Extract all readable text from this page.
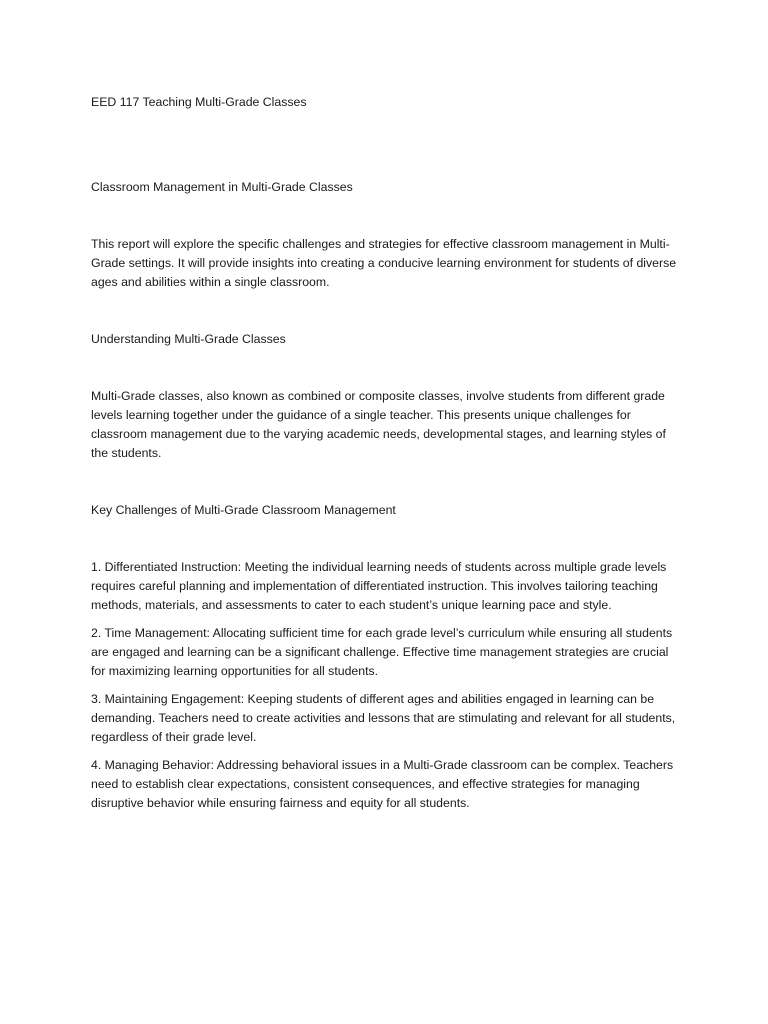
EED 117 Teaching Multi-Grade Classes

Classroom Management in Multi-Grade Classes

This report will explore the specific challenges and strategies for effective classroom management in Multi-Grade settings. It will provide insights into creating a conducive learning environment for students of diverse ages and abilities within a single classroom.

Understanding Multi-Grade Classes

Multi-Grade classes, also known as combined or composite classes, involve students from different grade levels learning together under the guidance of a single teacher. This presents unique challenges for classroom management due to the varying academic needs, developmental stages, and learning styles of the students.

Key Challenges of Multi-Grade Classroom Management

1. Differentiated Instruction: Meeting the individual learning needs of students across multiple grade levels requires careful planning and implementation of differentiated instruction. This involves tailoring teaching methods, materials, and assessments to cater to each student’s unique learning pace and style.

2. Time Management: Allocating sufficient time for each grade level’s curriculum while ensuring all students are engaged and learning can be a significant challenge. Effective time management strategies are crucial for maximizing learning opportunities for all students.

3. Maintaining Engagement: Keeping students of different ages and abilities engaged in learning can be demanding. Teachers need to create activities and lessons that are stimulating and relevant for all students, regardless of their grade level.

4. Managing Behavior: Addressing behavioral issues in a Multi-Grade classroom can be complex. Teachers need to establish clear expectations, consistent consequences, and effective strategies for managing disruptive behavior while ensuring fairness and equity for all students.
